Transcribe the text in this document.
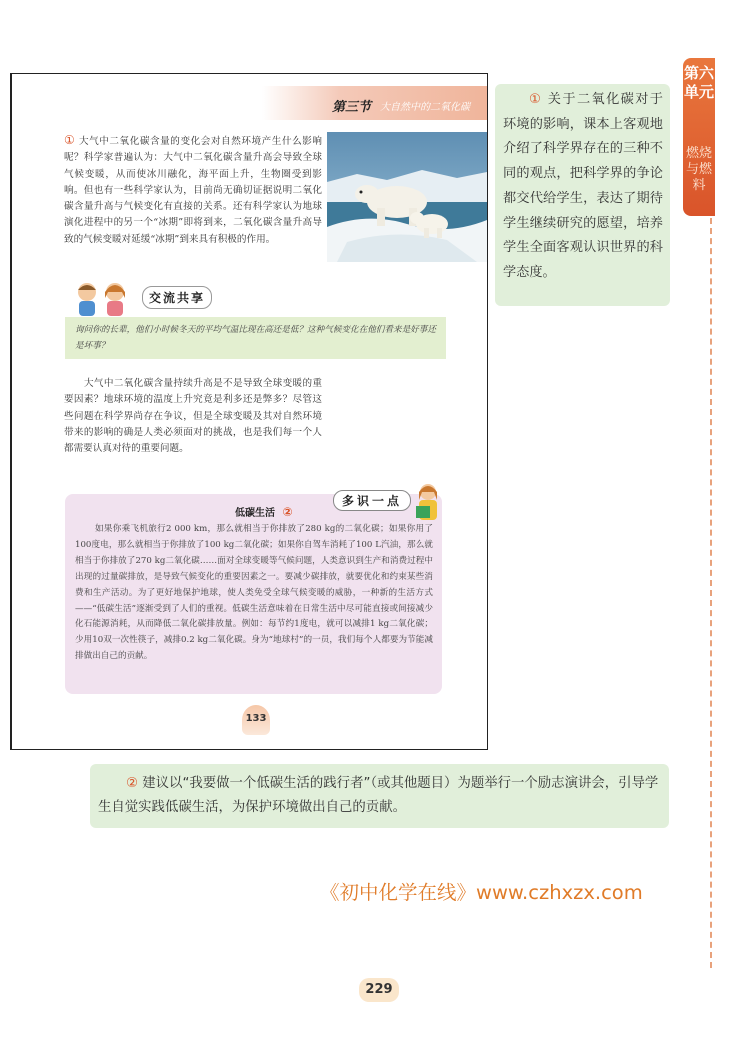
第六单元
燃烧与燃料
第三节 大自然中的二氧化碳
① 大气中二氧化碳含量的变化会对自然环境产生什么影响呢？科学家普遍认为：大气中二氧化碳含量升高会导致全球气候变暖，从而使冰川融化，海平面上升，生物圈受到影响。但也有一些科学家认为，目前尚无确切证据说明二氧化碳含量升高与气候变化有直接的关系。还有科学家认为地球演化进程中的另一个“冰期”即将到来，二氧化碳含量升高导致的气候变暖对延缓“冰期”到来具有积极的作用。
交流共享

询问你的长辈，他们小时候冬天的平均气温比现在高还是低？这种气候变化在他们看来是好事还是坏事？

大气中二氧化碳含量持续升高是不是导致全球变暖的重要因素？地球环境的温度上升究竟是利多还是弊多？尽管这些问题在科学界尚存在争议，但是全球变暖及其对自然环境带来的影响的确是人类必须面对的挑战，也是我们每一个人都需要认真对待的重要问题。
多识一点
低碳生活 ②
如果你乘飞机旅行2 000 km，那么就相当于你排放了280 kg的二氧化碳；如果你用了100度电，那么就相当于你排放了100 kg二氧化碳；如果你自驾车消耗了100 L汽油，那么就相当于你排放了270 kg二氧化碳……面对全球变暖等气候问题，人类意识到生产和消费过程中出现的过量碳排放，是导致气候变化的重要因素之一。要减少碳排放，就要优化和约束某些消费和生产活动。为了更好地保护地球，使人类免受全球气候变暖的威胁，一种新的生活方式——“低碳生活”逐渐受到了人们的重视。低碳生活意味着在日常生活中尽可能直接或间接减少化石能源消耗，从而降低二氧化碳排放量。例如：每节约1度电，就可以减排1 kg二氧化碳；少用10双一次性筷子，减排0.2 kg二氧化碳。身为“地球村”的一员，我们每个人都要为节能减排做出自己的贡献。
133

① 关于二氧化碳对于环境的影响，课本上客观地介绍了科学界存在的三种不同的观点，把科学界的争论都交代给学生，表达了期待学生继续研究的愿望，培养学生全面客观认识世界的科学态度。

② 建议以“我要做一个低碳生活的践行者”（或其他题目）为题举行一个励志演讲会，引导学生自觉实践低碳生活，为保护环境做出自己的贡献。

《初中化学在线》www.czhxzx.com
229
